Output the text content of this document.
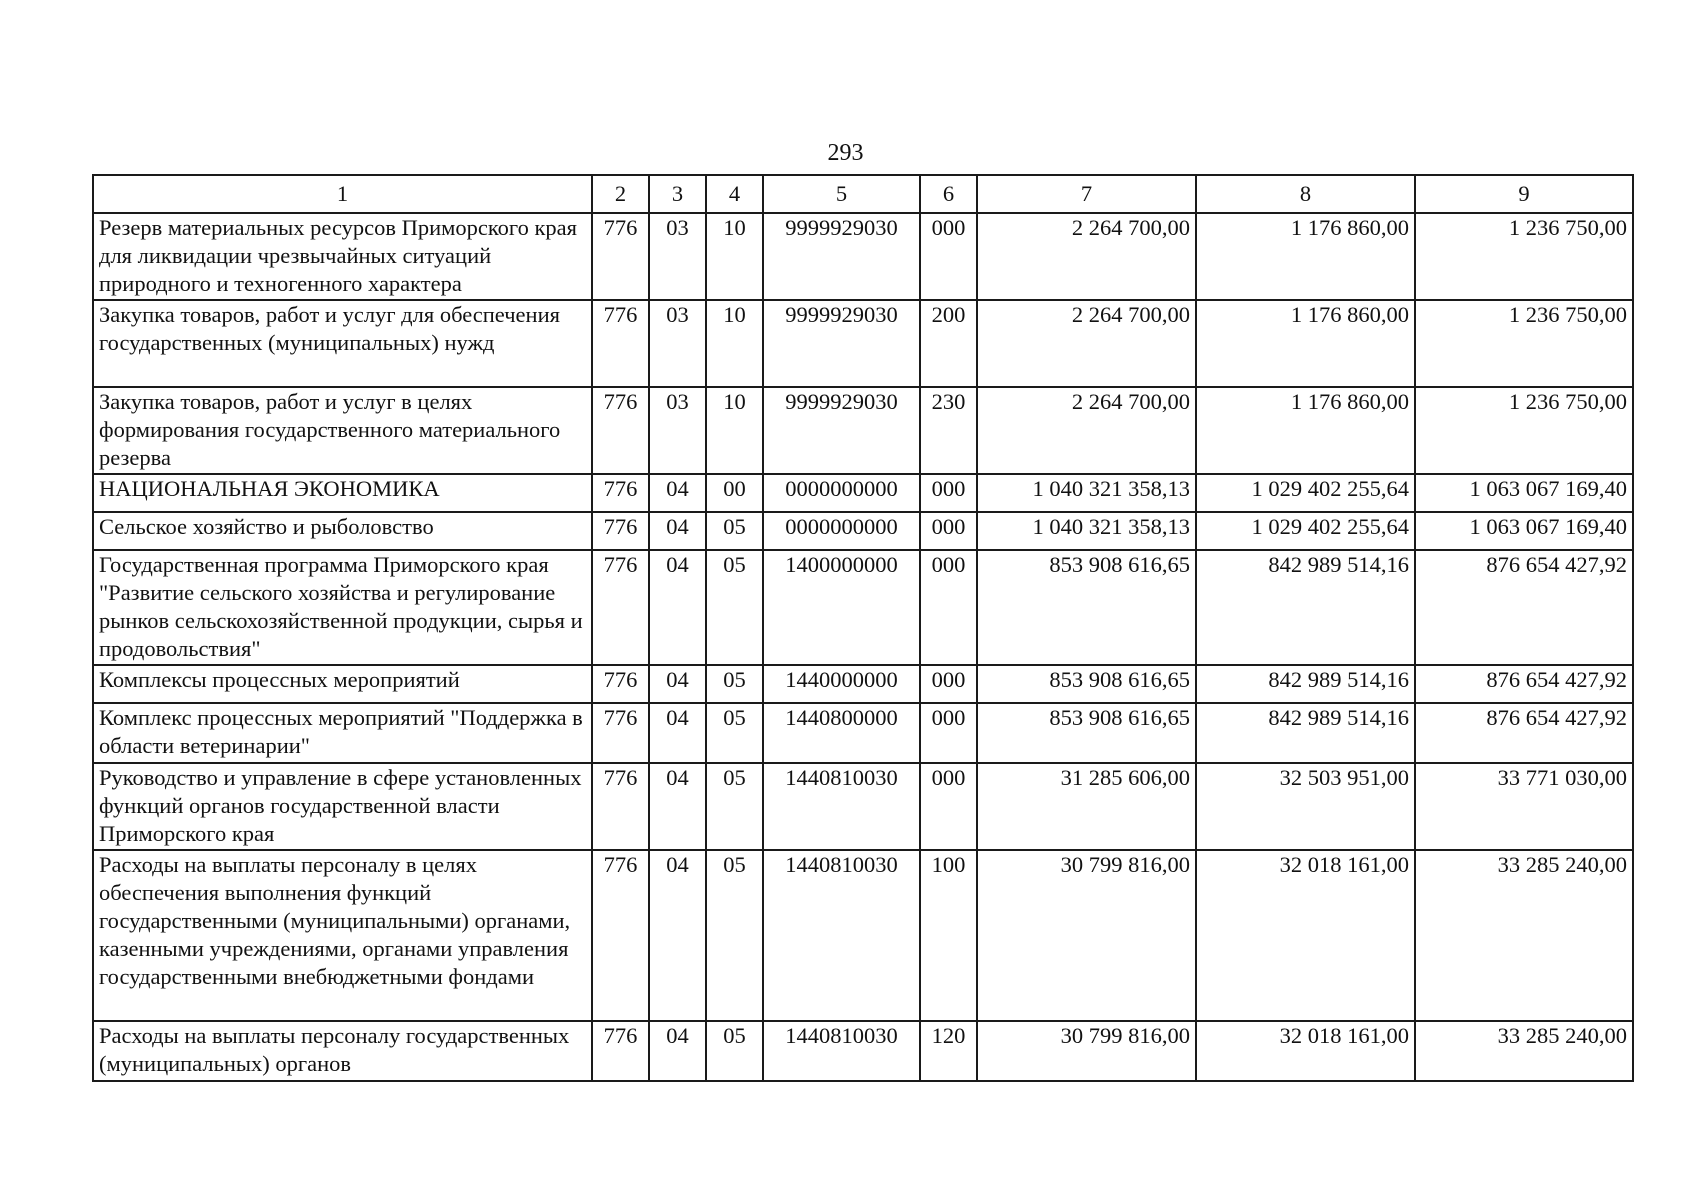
293
1	2	3	4	5	6	7	8	9
Резерв материальных ресурсов Приморского края для ликвидации чрезвычайных ситуаций природного и техногенного характера	776	03	10	9999929030	000	2 264 700,00	1 176 860,00	1 236 750,00
Закупка товаров, работ и услуг для обеспечения государственных (муниципальных) нужд	776	03	10	9999929030	200	2 264 700,00	1 176 860,00	1 236 750,00
Закупка товаров, работ и услуг в целях формирования государственного материального резерва	776	03	10	9999929030	230	2 264 700,00	1 176 860,00	1 236 750,00
НАЦИОНАЛЬНАЯ ЭКОНОМИКА	776	04	00	0000000000	000	1 040 321 358,13	1 029 402 255,64	1 063 067 169,40
Сельское хозяйство и рыболовство	776	04	05	0000000000	000	1 040 321 358,13	1 029 402 255,64	1 063 067 169,40
Государственная программа Приморского края "Развитие сельского хозяйства и регулирование рынков сельскохозяйственной продукции, сырья и продовольствия"	776	04	05	1400000000	000	853 908 616,65	842 989 514,16	876 654 427,92
Комплексы процессных мероприятий	776	04	05	1440000000	000	853 908 616,65	842 989 514,16	876 654 427,92
Комплекс процессных мероприятий "Поддержка в области ветеринарии"	776	04	05	1440800000	000	853 908 616,65	842 989 514,16	876 654 427,92
Руководство и управление в сфере установленных функций органов государственной власти Приморского края	776	04	05	1440810030	000	31 285 606,00	32 503 951,00	33 771 030,00
Расходы на выплаты персоналу в целях обеспечения выполнения функций государственными (муниципальными) органами, казенными учреждениями, органами управления государственными внебюджетными фондами	776	04	05	1440810030	100	30 799 816,00	32 018 161,00	33 285 240,00
Расходы на выплаты персоналу государственных (муниципальных) органов	776	04	05	1440810030	120	30 799 816,00	32 018 161,00	33 285 240,00
